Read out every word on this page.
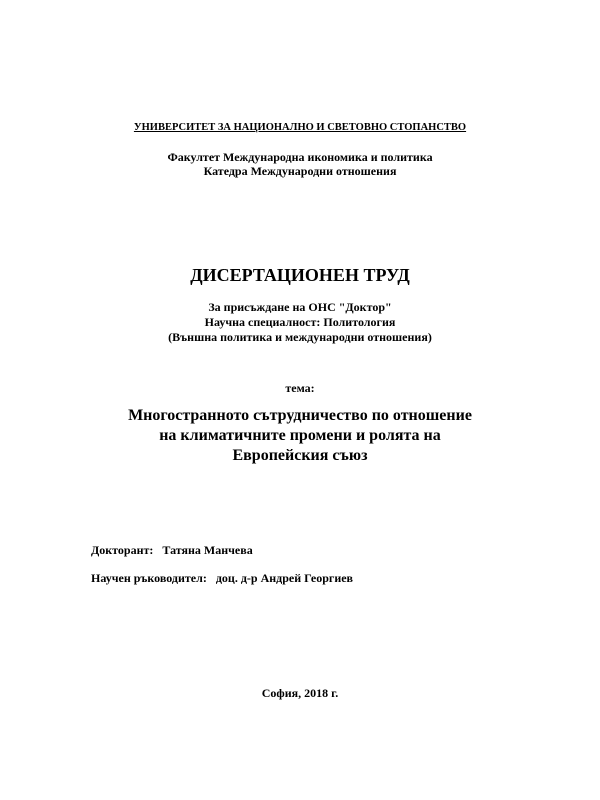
УНИВЕРСИТЕТ ЗА НАЦИОНАЛНО И СВЕТОВНО СТОПАНСТВО
Факултет Международна икономика и политика
Катедра Международни отношения
ДИСЕРТАЦИОНЕН ТРУД
За присъждане на ОНС "Доктор"
Научна специалност: Политология
(Външна политика и международни отношения)
тема:
Многостранното сътрудничество по отношение
на климатичните промени и ролята на
Европейския съюз
Докторант: Татяна Манчева
Научен ръководител: доц. д-р Андрей Георгиев
София, 2018 г.
